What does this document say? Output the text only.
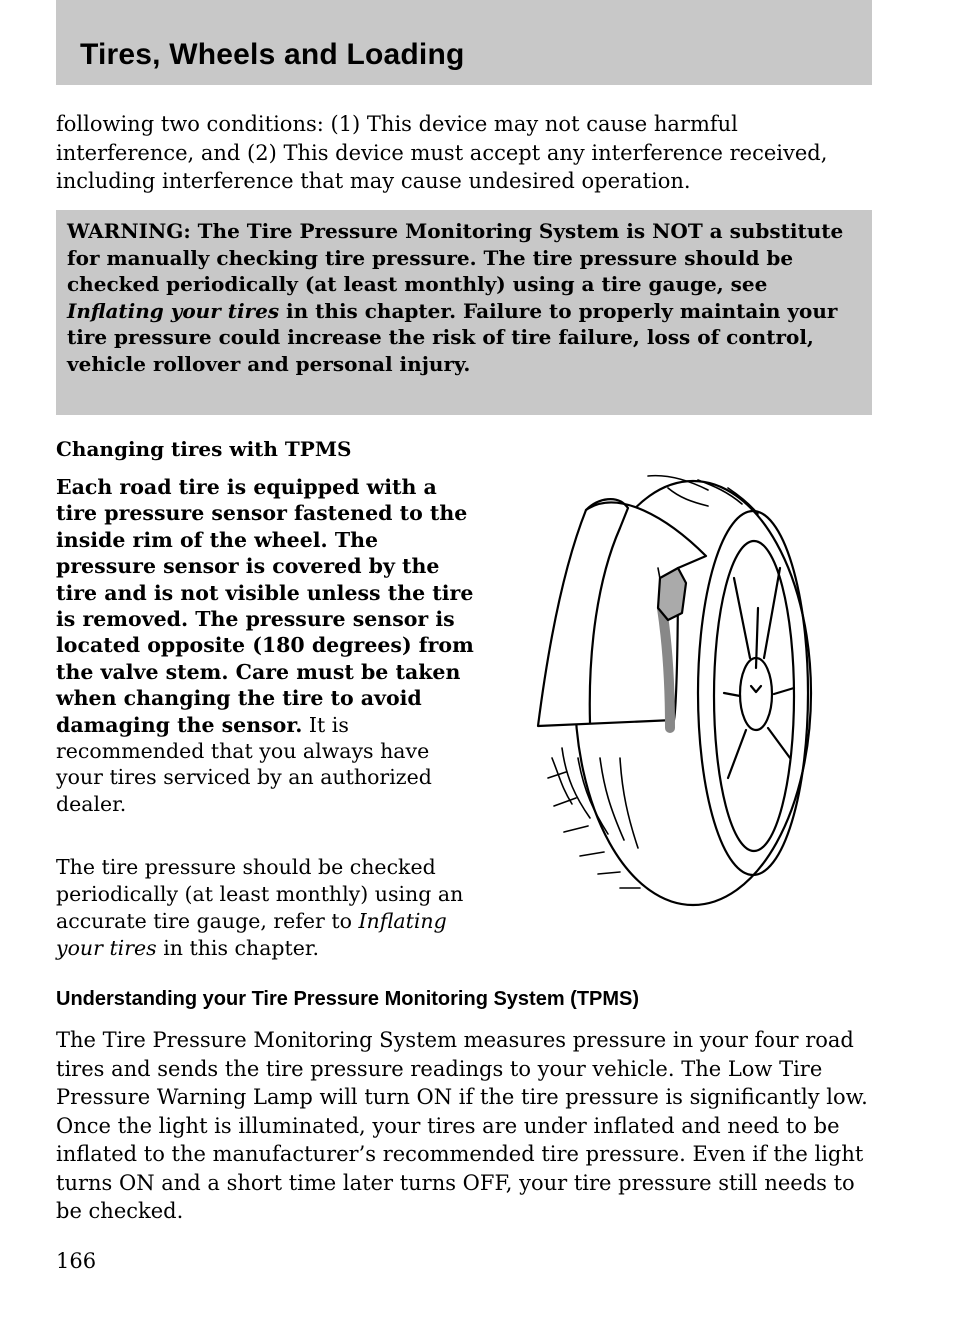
Tires, Wheels and Loading

following two conditions: (1) This device may not cause harmful interference, and (2) This device must accept any interference received, including interference that may cause undesired operation.

WARNING: The Tire Pressure Monitoring System is NOT a substitute for manually checking tire pressure. The tire pressure should be checked periodically (at least monthly) using a tire gauge, see Inflating your tires in this chapter. Failure to properly maintain your tire pressure could increase the risk of tire failure, loss of control, vehicle rollover and personal injury.

Changing tires with TPMS

Each road tire is equipped with a tire pressure sensor fastened to the inside rim of the wheel. The pressure sensor is covered by the tire and is not visible unless the tire is removed. The pressure sensor is located opposite (180 degrees) from the valve stem. Care must be taken when changing the tire to avoid damaging the sensor. It is recommended that you always have your tires serviced by an authorized dealer.

The tire pressure should be checked periodically (at least monthly) using an accurate tire gauge, refer to Inflating your tires in this chapter.

Understanding your Tire Pressure Monitoring System (TPMS)

The Tire Pressure Monitoring System measures pressure in your four road tires and sends the tire pressure readings to your vehicle. The Low Tire Pressure Warning Lamp will turn ON if the tire pressure is significantly low. Once the light is illuminated, your tires are under inflated and need to be inflated to the manufacturer’s recommended tire pressure. Even if the light turns ON and a short time later turns OFF, your tire pressure still needs to be checked.

166
